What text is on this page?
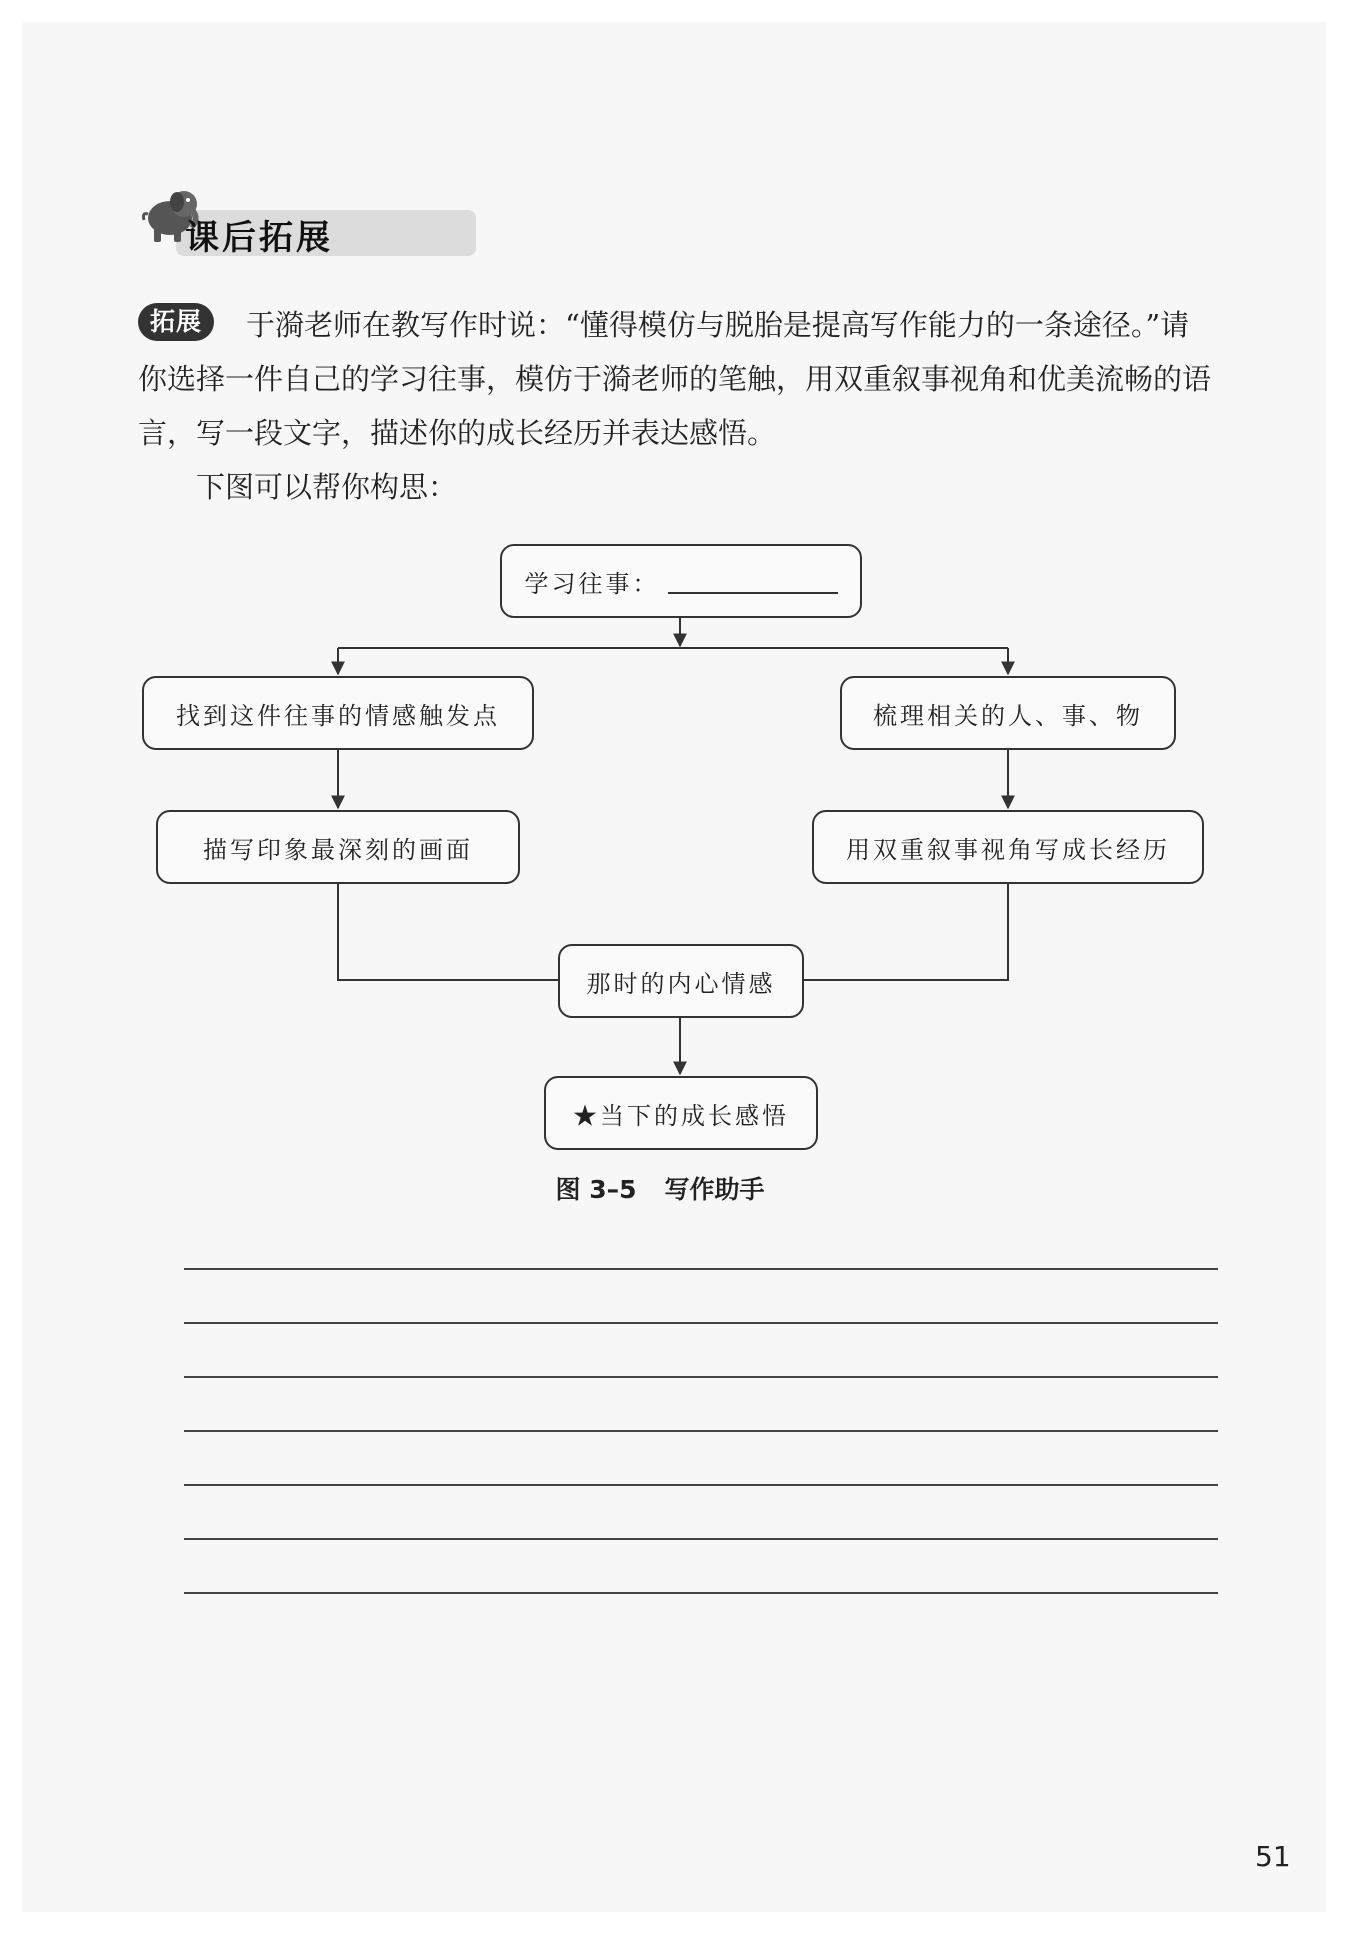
课后拓展
拓展	于漪老师在教写作时说：“懂得模仿与脱胎是提高写作能力的一条途径。”请你选择一件自己的学习往事，模仿于漪老师的笔触，用双重叙事视角和优美流畅的语言，写一段文字，描述你的成长经历并表达感悟。
下图可以帮你构思：
学习往事：
找到这件往事的情感触发点	梳理相关的人、事、物
描写印象最深刻的画面	用双重叙事视角写成长经历
那时的内心情感
★当下的成长感悟
图 3–5 写作助手
51
